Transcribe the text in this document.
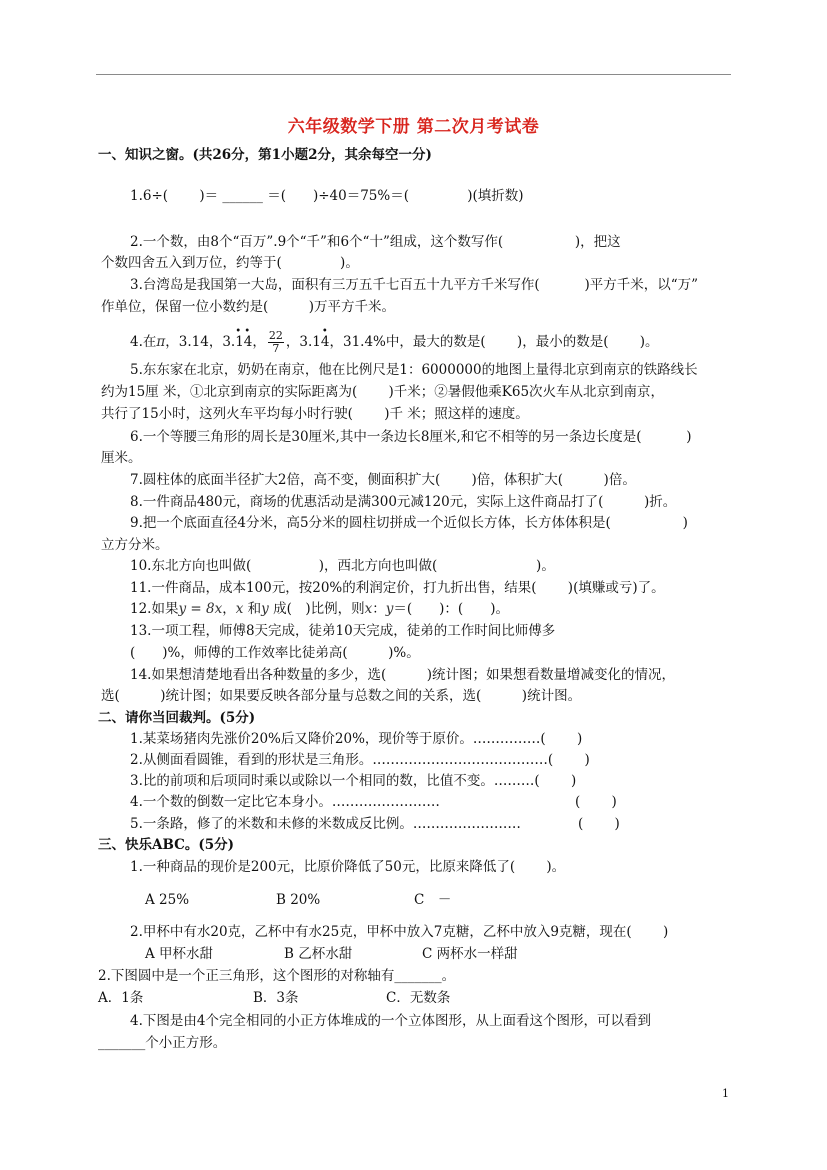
六年级数学下册 第二次月考试卷
一、知识之窗。(共26分，第1小题2分，其余每空一分)
1.6÷(　　 )＝ ______ ＝(　　)÷40＝75%＝(　　　　 )(填折数)
2.一个数，由8个“百万”.9个“千”和6个“十”组成，这个数写作(　　　　　 )，把这
个数四舍五入到万位，约等于(　　　　 )。
3.台湾岛是我国第一大岛，面积有三万五千七百五十九平方千米写作(　　　 )平方千米，以“万”
作单位，保留一位小数约是(　　　)万平方千米。
4.在π，3.14，3.
• •
14， $\frac{22}{7}$ ，3.1
•
4，31.4%中，最大的数是(　　 )，最小的数是(　　 )。
5.东东家在北京，奶奶在南京，他在比例尺是1：6000000的地图上量得北京到南京的铁路线长
约为15厘 米，①北京到南京的实际距离为(　　 )千米；②暑假他乘K65次火车从北京到南京，
共行了15小时，这列火车平均每小时行驶(　　 )千 米；照这样的速度。
6.一个等腰三角形的周长是30厘米,其中一条边长8厘米,和它不相等的另一条边长度是(　　　 )
厘米。
7.圆柱体的底面半径扩大2倍，高不变，侧面积扩大(　　 )倍，体积扩大(　　　)倍。
8.一件商品480元，商场的优惠活动是满300元减120元，实际上这件商品打了(　　　)折。
9.把一个底面直径4分米，高5分米的圆柱切拼成一个近似长方体，长方体体积是(　　　　　 )
立方分米。
10.东北方向也叫做(　　　　　)，西北方向也叫做(　　　　　　　 )。
11.一件商品，成本100元，按20%的利润定价，打九折出售，结果(　　 )(填赚或亏)了。
12.如果y = 8x，x 和y 成(　)比例，则x：y＝(　　)：(　　)。
13.一项工程，师傅8天完成，徒弟10天完成，徒弟的工作时间比师傅多
(　　)%，师傅的工作效率比徒弟高(　　　)%。
14.如果想清楚地看出各种数量的多少，选(　　　)统计图；如果想看数量增减变化的情况，
选(　　　)统计图；如果要反映各部分量与总数之间的关系，选(　　　)统计图。
二、请你当回裁判。(5分)
1.某菜场猪肉先涨价20%后又降价20%，现价等于原价。……………(　　 )
2.从侧面看圆锥，看到的形状是三角形。…………………………………(　　 )
3.比的前项和后项同时乘以或除以一个相同的数，比值不变。………(　　 )
4.一个数的倒数一定比它本身小。……………………	(　　 )
5.一条路，修了的米数和未修的米数成反比例。……………………	(　　 )
三、快乐ABC。(5分)
1.一种商品的现价是200元，比原价降低了50元，比原来降低了(　　 )。
A 25%	B 20%	C　－
2.甲杯中有水20克，乙杯中有水25克，甲杯中放入7克糖，乙杯中放入9克糖，现在(　　 )
A 甲杯水甜	B 乙杯水甜	C 两杯水一样甜
2.下图圆中是一个正三角形，这个图形的对称轴有_______。
A．1条	B．3条	C．无数条
4.下图是由4个完全相同的小正方体堆成的一个立体图形，从上面看这个图形，可以看到
_______个小正方形。
1
